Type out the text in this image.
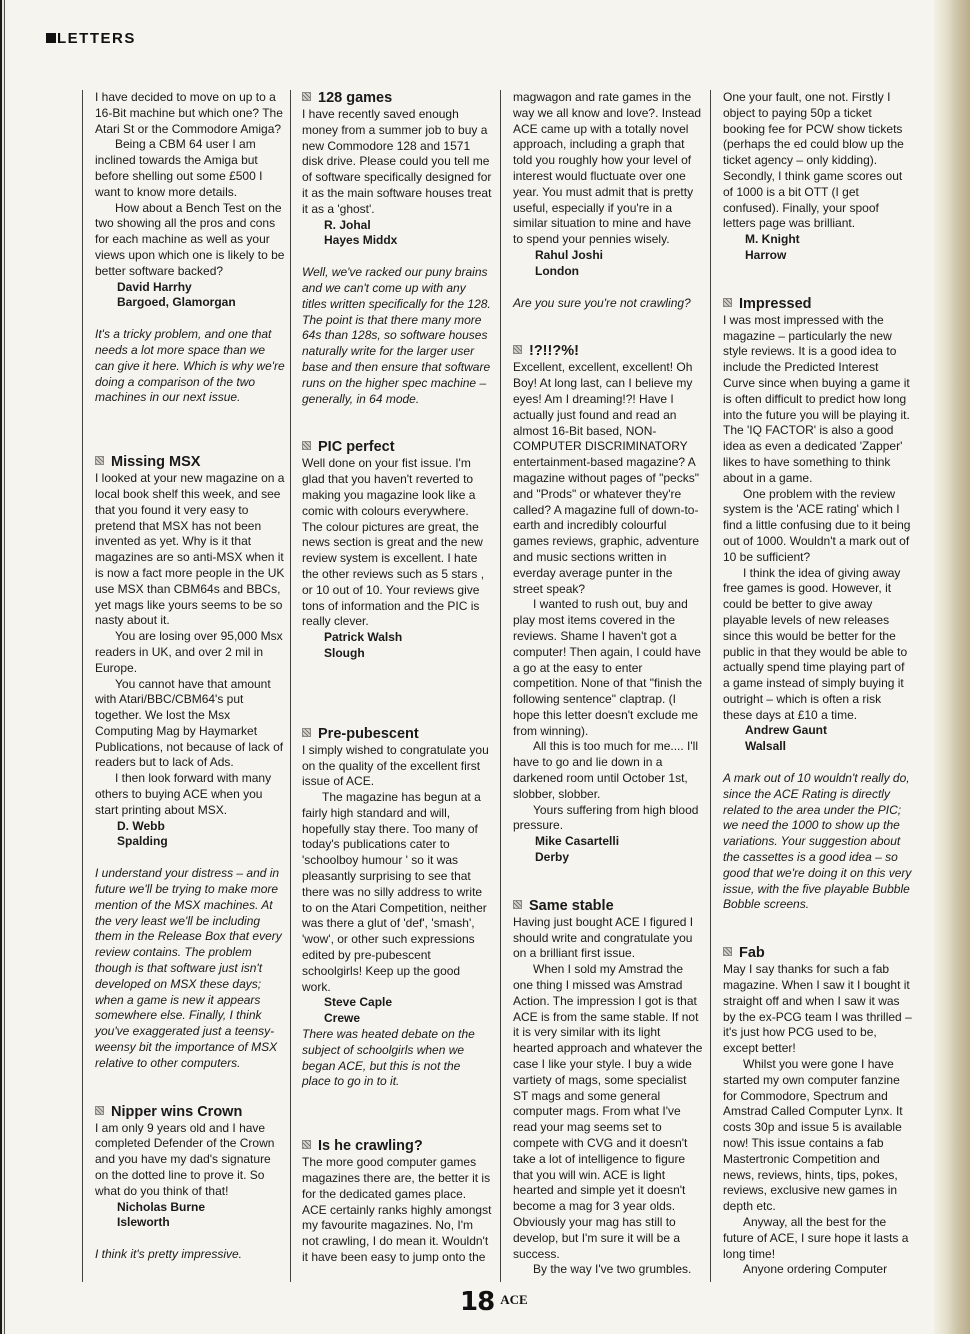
LETTERS

I have decided to move on up to a 16-Bit machine but which one? The Atari St or the Commodore Amiga?

Being a CBM 64 user I am inclined towards the Amiga but before shelling out some £500 I want to know more details.

How about a Bench Test on the two showing all the pros and cons for each machine as well as your views upon which one is likely to be better software backed?

David Harrhy

Bargoed, Glamorgan

It's a tricky problem, and one that needs a lot more space than we can give it here. Which is why we're doing a comparison of the two machines in our next issue.

Missing MSX

I looked at your new magazine on a local book shelf this week, and see that you found it very easy to pretend that MSX has not been invented as yet. Why is it that magazines are so anti-MSX when it is now a fact more people in the UK use MSX than CBM64s and BBCs, yet mags like yours seems to be so nasty about it.

You are losing over 95,000 Msx readers in UK, and over 2 mil in Europe.

You cannot have that amount with Atari/BBC/CBM64's put together. We lost the Msx Computing Mag by Haymarket Publications, not because of lack of readers but to lack of Ads.

I then look forward with many others to buying ACE when you start printing about MSX.

D. Webb

Spalding

I understand your distress – and in future we'll be trying to make more mention of the MSX machines. At the very least we'll be including them in the Release Box that every review contains. The problem though is that software just isn't developed on MSX these days; when a game is new it appears somewhere else. Finally, I think you've exaggerated just a teensy-weensy bit the importance of MSX relative to other computers.

Nipper wins Crown

I am only 9 years old and I have completed Defender of the Crown and you have my dad's signature on the dotted line to prove it. So what do you think of that!

Nicholas Burne

Isleworth

I think it's pretty impressive.

128 games

I have recently saved enough money from a summer job to buy a new Commodore 128 and 1571 disk drive. Please could you tell me of software specifically designed for it as the main software houses treat it as a 'ghost'.

R. Johal

Hayes Middx

Well, we've racked our puny brains and we can't come up with any titles written specifically for the 128. The point is that there many more 64s than 128s, so software houses naturally write for the larger user base and then ensure that software runs on the higher spec machine – generally, in 64 mode.

PIC perfect

Well done on your fist issue. I'm glad that you haven't reverted to making you magazine look like a comic with colours everywhere. The colour pictures are great, the news section is great and the new review system is excellent. I hate the other reviews such as 5 stars , or 10 out of 10. Your reviews give tons of information and the PIC is really clever.

Patrick Walsh

Slough

Pre-pubescent

I simply wished to congratulate you on the quality of the excellent first issue of ACE.

The magazine has begun at a fairly high standard and will, hopefully stay there. Too many of today's publications cater to 'schoolboy humour ' so it was pleasantly surprising to see that there was no silly address to write to on the Atari Competition, neither was there a glut of 'def', 'smash', 'wow', or other such expressions edited by pre-pubescent schoolgirls! Keep up the good work.

Steve Caple

Crewe

There was heated debate on the subject of schoolgirls when we began ACE, but this is not the place to go in to it.

Is he crawling?

The more good computer games magazines there are, the better it is for the dedicated games place. ACE certainly ranks highly amongst my favourite magazines. No, I'm not crawling, I do mean it. Wouldn't it have been easy to jump onto the

magwagon and rate games in the way we all know and love?. Instead ACE came up with a totally novel approach, including a graph that told you roughly how your level of interest would fluctuate over one year. You must admit that is pretty useful, especially if you're in a similar situation to mine and have to spend your pennies wisely.

Rahul Joshi

London

Are you sure you're not crawling?

!?!!?%!

Excellent, excellent, excellent! Oh Boy! At long last, can I believe my eyes! Am I dreaming!?! Have I actually just found and read an almost 16-Bit based, NON-COMPUTER DISCRIMINATORY entertainment-based magazine? A magazine without pages of "pecks" and "Prods" or whatever they're called? A magazine full of down-to-earth and incredibly colourful games reviews, graphic, adventure and music sections written in everday average punter in the street speak?

I wanted to rush out, buy and play most items covered in the reviews. Shame I haven't got a computer! Then again, I could have a go at the easy to enter competition. None of that "finish the following sentence" claptrap. (I hope this letter doesn't exclude me from winning).

All this is too much for me.... I'll have to go and lie down in a darkened room until October 1st, slobber, slobber.

Yours suffering from high blood pressure.

Mike Casartelli

Derby

Same stable

Having just bought ACE I figured I should write and congratulate you on a brilliant first issue.

When I sold my Amstrad the one thing I missed was Amstrad Action. The impression I got is that ACE is from the same stable. If not it is very similar with its light hearted approach and whatever the case I like your style. I buy a wide vartiety of mags, some specialist ST mags and some general computer mags. From what I've read your mag seems set to compete with CVG and it doesn't take a lot of intelligence to figure that you will win. ACE is light hearted and simple yet it doesn't become a mag for 3 year olds. Obviously your mag has still to develop, but I'm sure it will be a success.

By the way I've two grumbles.

One your fault, one not. Firstly I object to paying 50p a ticket booking fee for PCW show tickets (perhaps the ed could blow up the ticket agency – only kidding). Secondly, I think game scores out of 1000 is a bit OTT (I get confused). Finally, your spoof letters page was brilliant.

M. Knight

Harrow

Impressed

I was most impressed with the magazine – particularly the new style reviews. It is a good idea to include the Predicted Interest Curve since when buying a game it is often difficult to predict how long into the future you will be playing it. The 'IQ FACTOR' is also a good idea as even a dedicated 'Zapper' likes to have something to think about in a game.

One problem with the review system is the 'ACE rating' which I find a little confusing due to it being out of 1000. Wouldn't a mark out of 10 be sufficient?

I think the idea of giving away free games is good. However, it could be better to give away playable levels of new releases since this would be better for the public in that they would be able to actually spend time playing part of a game instead of simply buying it outright – which is often a risk these days at £10 a time.

Andrew Gaunt

Walsall

A mark out of 10 wouldn't really do, since the ACE Rating is directly related to the area under the PIC; we need the 1000 to show up the variations. Your suggestion about the cassettes is a good idea – so good that we're doing it on this very issue, with the five playable Bubble Bobble screens.

Fab

May I say thanks for such a fab magazine. When I saw it I bought it straight off and when I saw it was by the ex-PCG team I was thrilled – it's just how PCG used to be, except better!

Whilst you were gone I have started my own computer fanzine for Commodore, Spectrum and Amstrad Called Computer Lynx. It costs 30p and issue 5 is available now! This issue contains a fab Mastertronic Competition and news, reviews, hints, tips, pokes, reviews, exclusive new games in depth etc.

Anyway, all the best for the future of ACE, I sure hope it lasts a long time!

Anyone ordering Computer

18 $^{ACE}$
